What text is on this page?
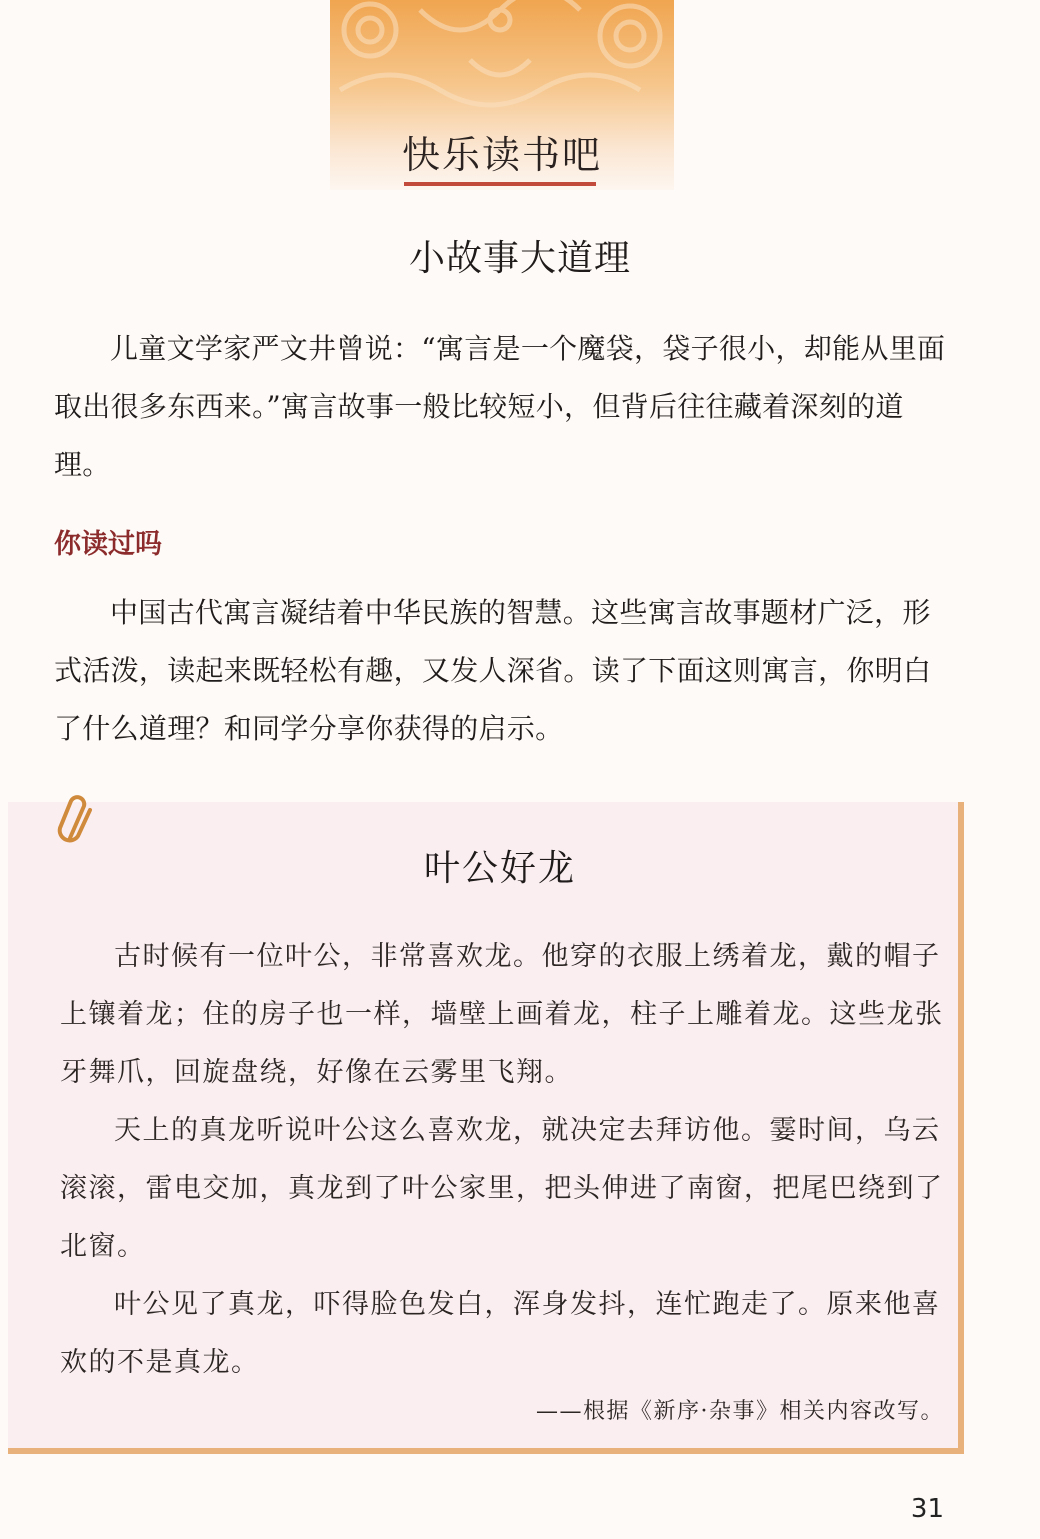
快乐读书吧
小故事大道理

儿童文学家严文井曾说：“寓言是一个魔袋，袋子很小，却能从里面取出很多东西来。”寓言故事一般比较短小，但背后往往藏着深刻的道理。

你读过吗

中国古代寓言凝结着中华民族的智慧。这些寓言故事题材广泛，形式活泼，读起来既轻松有趣，又发人深省。读了下面这则寓言，你明白了什么道理？和同学分享你获得的启示。

叶公好龙

古时候有一位叶公，非常喜欢龙。他穿的衣服上绣着龙，戴的帽子上镶着龙；住的房子也一样，墙壁上画着龙，柱子上雕着龙。这些龙张牙舞爪，回旋盘绕，好像在云雾里飞翔。

天上的真龙听说叶公这么喜欢龙，就决定去拜访他。霎时间，乌云滚滚，雷电交加，真龙到了叶公家里，把头伸进了南窗，把尾巴绕到了北窗。

叶公见了真龙，吓得脸色发白，浑身发抖，连忙跑走了。原来他喜欢的不是真龙。

——根据《新序·杂事》相关内容改写。
31
